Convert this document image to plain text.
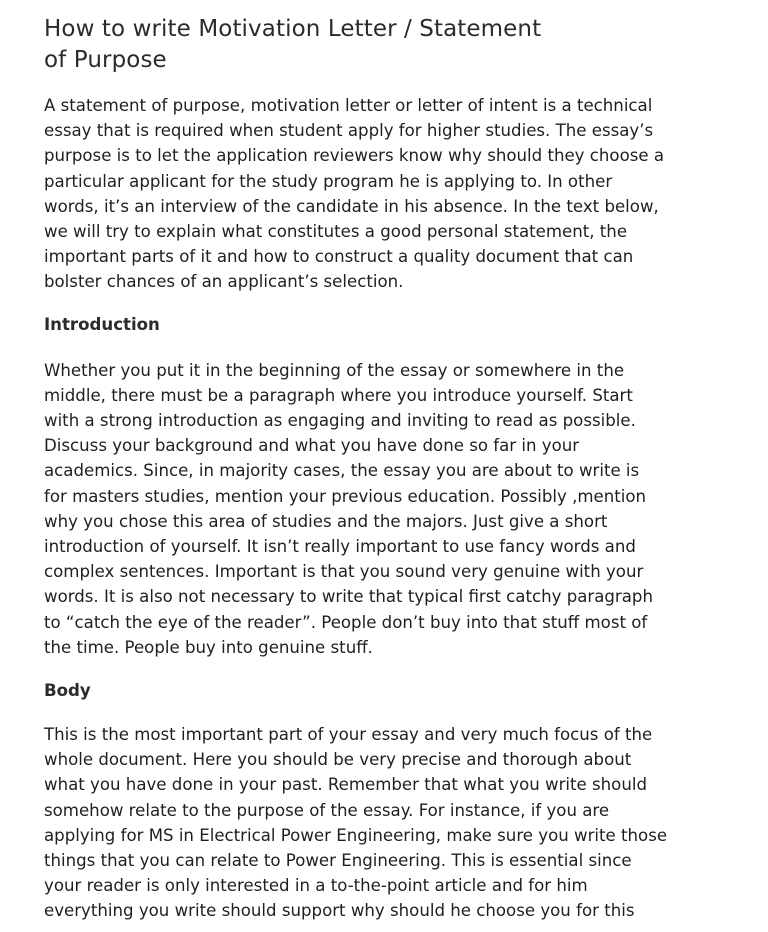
How to write Motivation Letter / Statement
of Purpose

A statement of purpose, motivation letter or letter of intent is a technical
essay that is required when student apply for higher studies. The essay’s
purpose is to let the application reviewers know why should they choose a
particular applicant for the study program he is applying to. In other
words, it’s an interview of the candidate in his absence. In the text below,
we will try to explain what constitutes a good personal statement, the
important parts of it and how to construct a quality document that can
bolster chances of an applicant’s selection.

Introduction

Whether you put it in the beginning of the essay or somewhere in the
middle, there must be a paragraph where you introduce yourself. Start
with a strong introduction as engaging and inviting to read as possible.
Discuss your background and what you have done so far in your
academics. Since, in majority cases, the essay you are about to write is
for masters studies, mention your previous education. Possibly ,mention
why you chose this area of studies and the majors. Just give a short
introduction of yourself. It isn’t really important to use fancy words and
complex sentences. Important is that you sound very genuine with your
words. It is also not necessary to write that typical first catchy paragraph
to “catch the eye of the reader”. People don’t buy into that stuff most of
the time. People buy into genuine stuff.

Body

This is the most important part of your essay and very much focus of the
whole document. Here you should be very precise and thorough about
what you have done in your past. Remember that what you write should
somehow relate to the purpose of the essay. For instance, if you are
applying for MS in Electrical Power Engineering, make sure you write those
things that you can relate to Power Engineering. This is essential since
your reader is only interested in a to-the-point article and for him
everything you write should support why should he choose you for this
